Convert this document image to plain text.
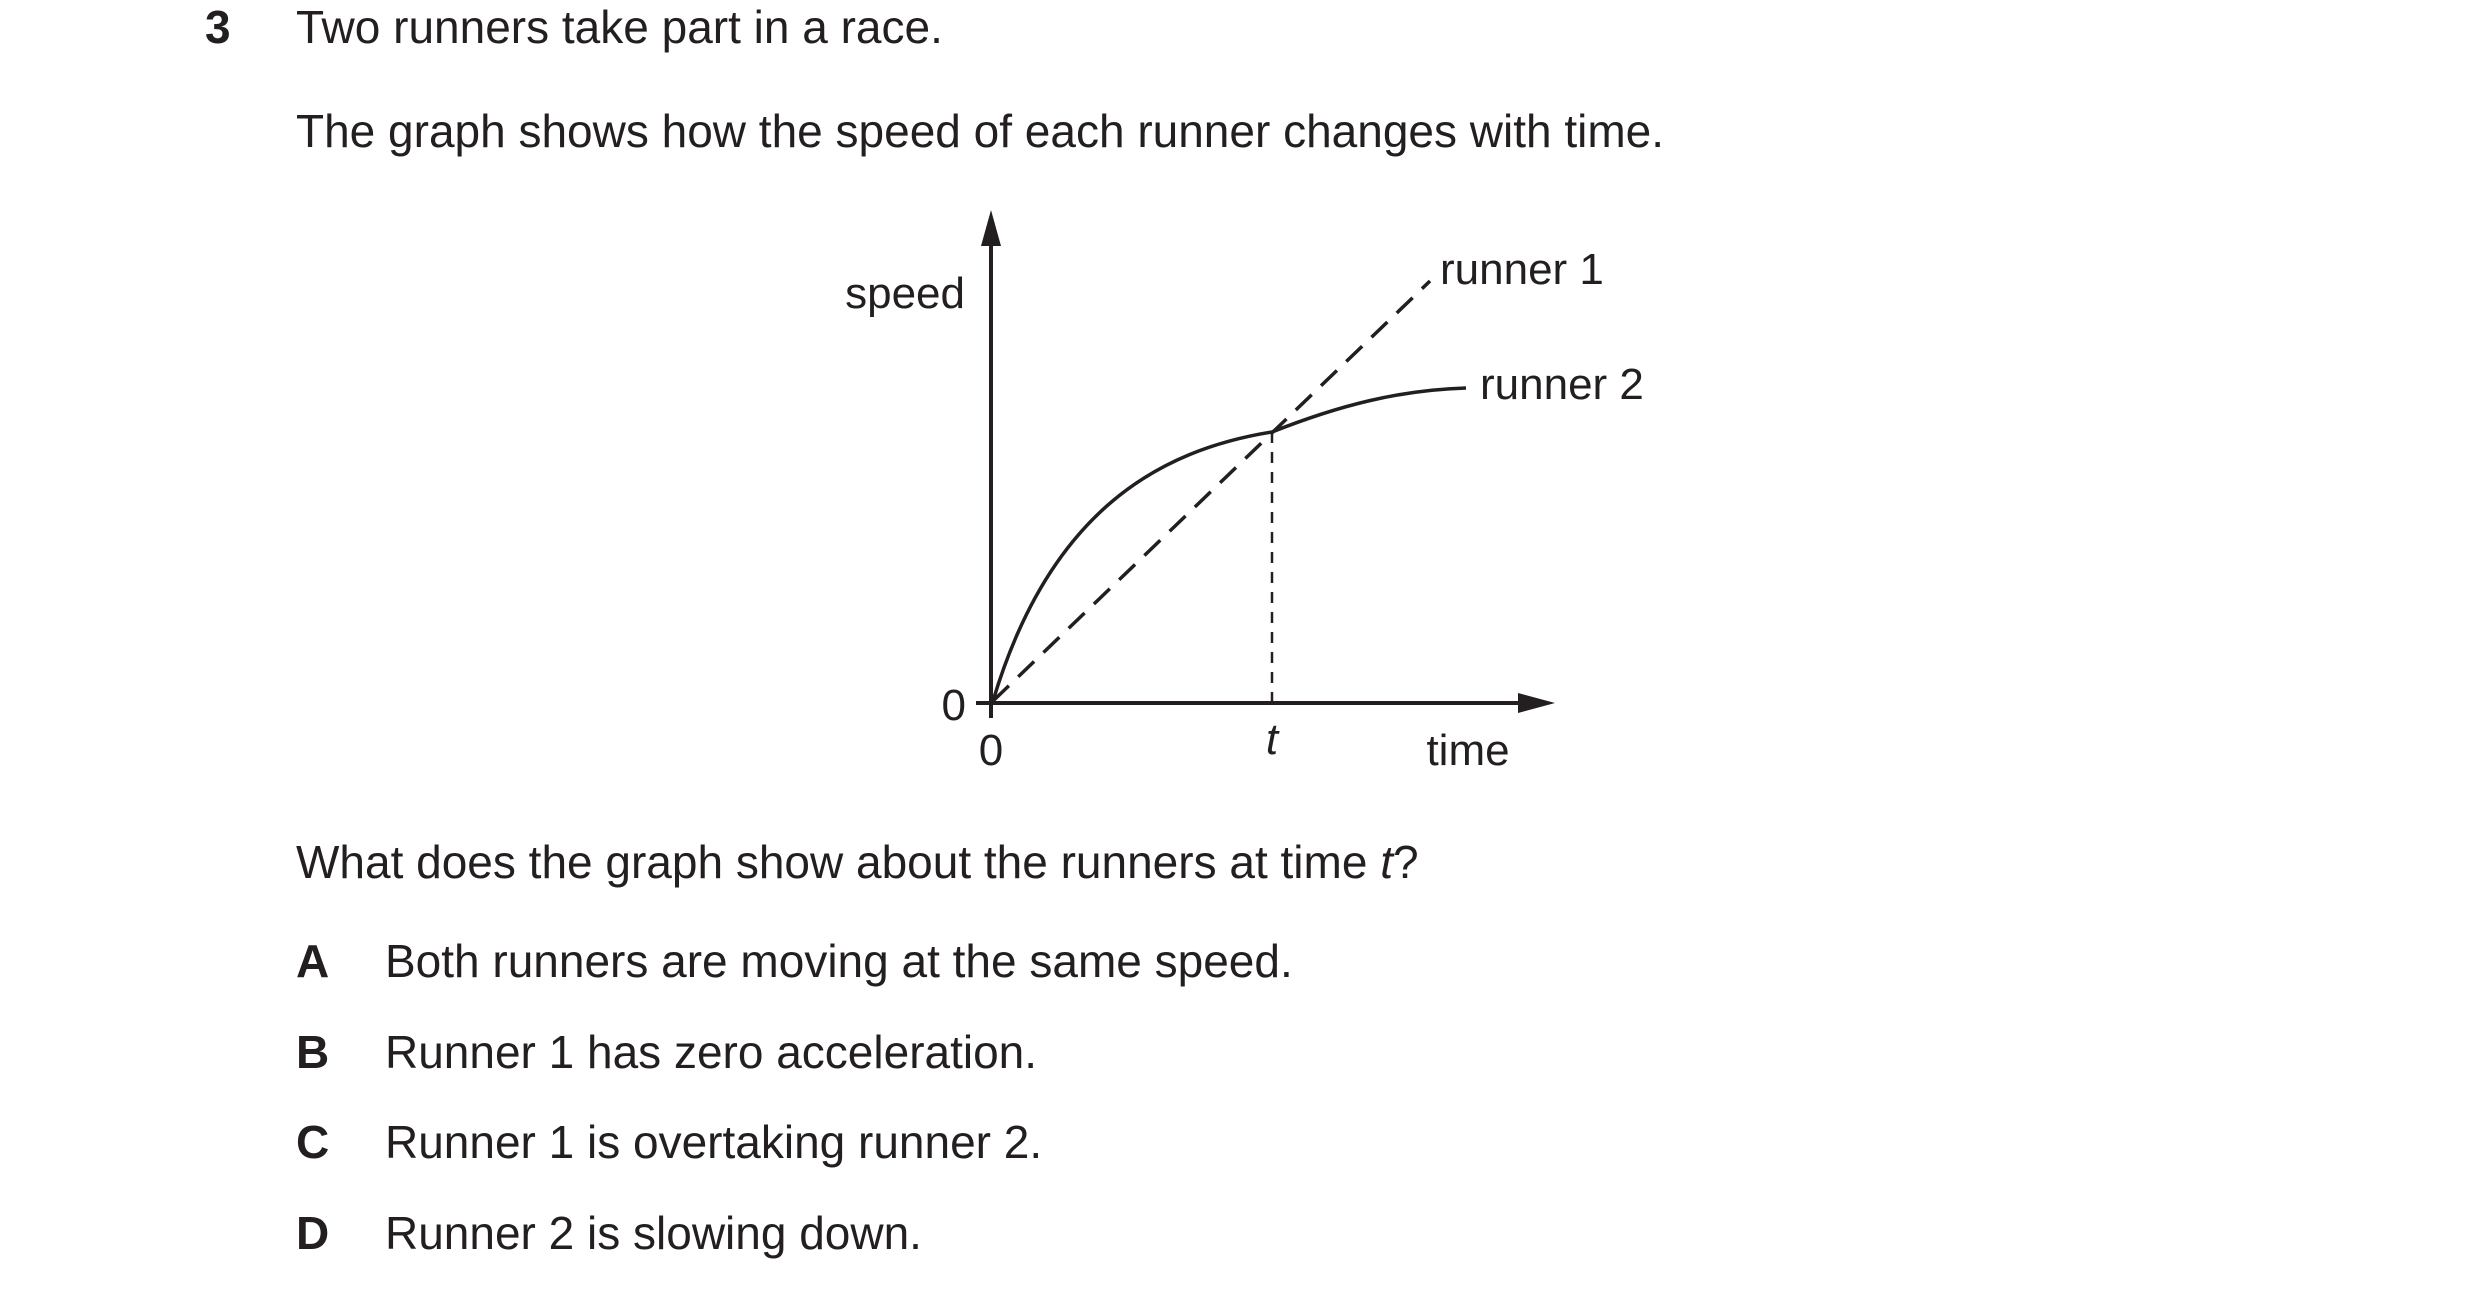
3 Two runners take part in a race.
The graph shows how the speed of each runner changes with time.
speed
time
0
0	t
runner 1
runner 2
What does the graph show about the runners at time t?
A Both runners are moving at the same speed.
B Runner 1 has zero acceleration.
C Runner 1 is overtaking runner 2.
D Runner 2 is slowing down.
